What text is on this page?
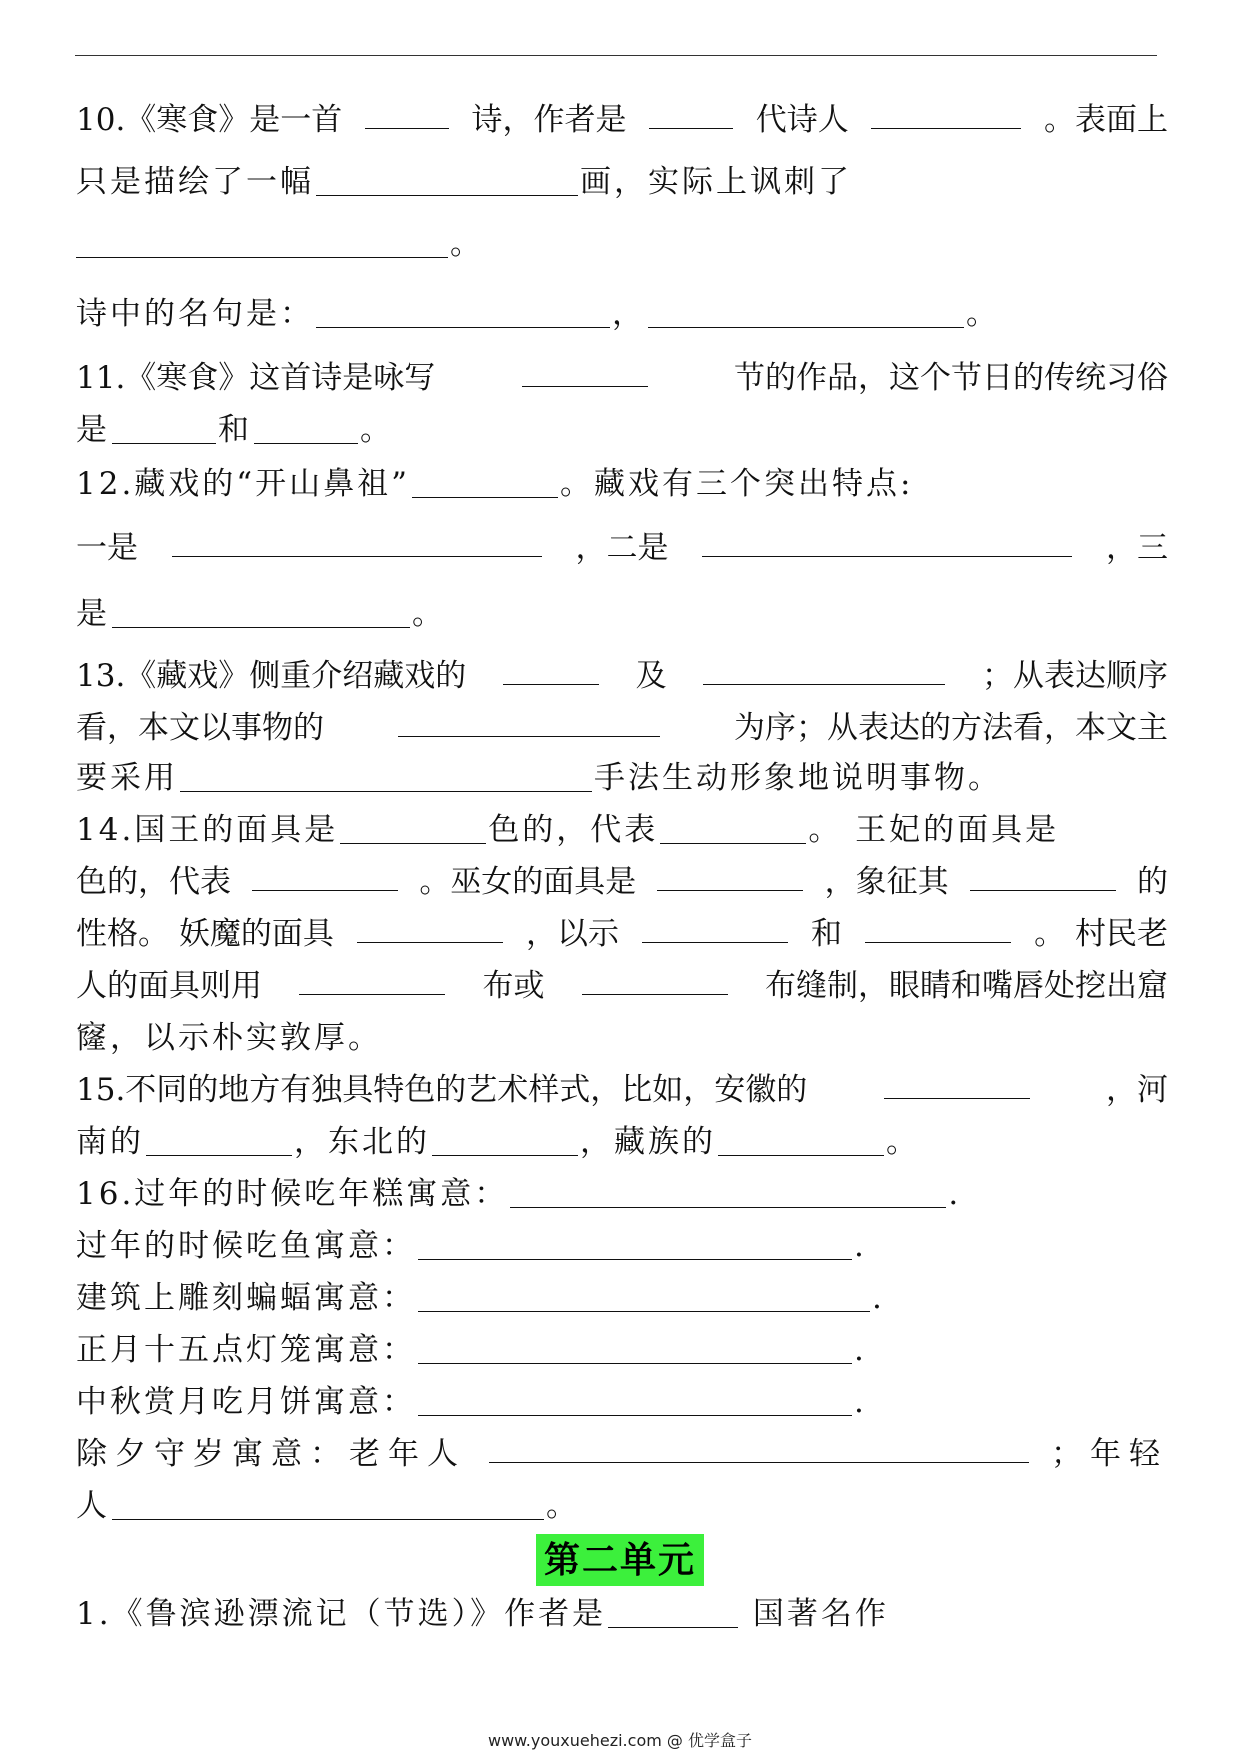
10.《寒食》是一首	诗，作者是	代诗人	。表面上
只是描绘了一幅	画，实际上讽刺了
。
诗中的名句是：	，	。
11.《寒食》这首诗是咏写	节的作品，这个节日的传统习俗
是	和	。
12.藏戏的“开山鼻祖”	。藏戏有三个突出特点:
一是	，二是	，三
是	。
13.《藏戏》侧重介绍藏戏的	及	；从表达顺序
看，本文以事物的	为序；从表达的方法看，本文主
要采用	手法生动形象地说明事物。
14.国王的面具是	色的，代表	。 王妃的面具是
色的，代表	。巫女的面具是	，象征其	的
性格。 妖魔的面具	，以示	和	。 村民老
人的面具则用	布或	布缝制，眼睛和嘴唇处挖出窟
窿，以示朴实敦厚。
15.不同的地方有独具特色的艺术样式，比如，安徽的	，河
南的	，东北的	，藏族的	。
16.过年的时候吃年糕寓意：	.
过年的时候吃鱼寓意：	.
建筑上雕刻蝙蝠寓意：	.
正月十五点灯笼寓意：	.
中秋赏月吃月饼寓意：	.
除夕守岁寓意：老年人	；年轻
人	。
第二单元
1.《鲁滨逊漂流记（节选）》作者是	国著名作
www.youxuehezi.com @ 优学盒子
